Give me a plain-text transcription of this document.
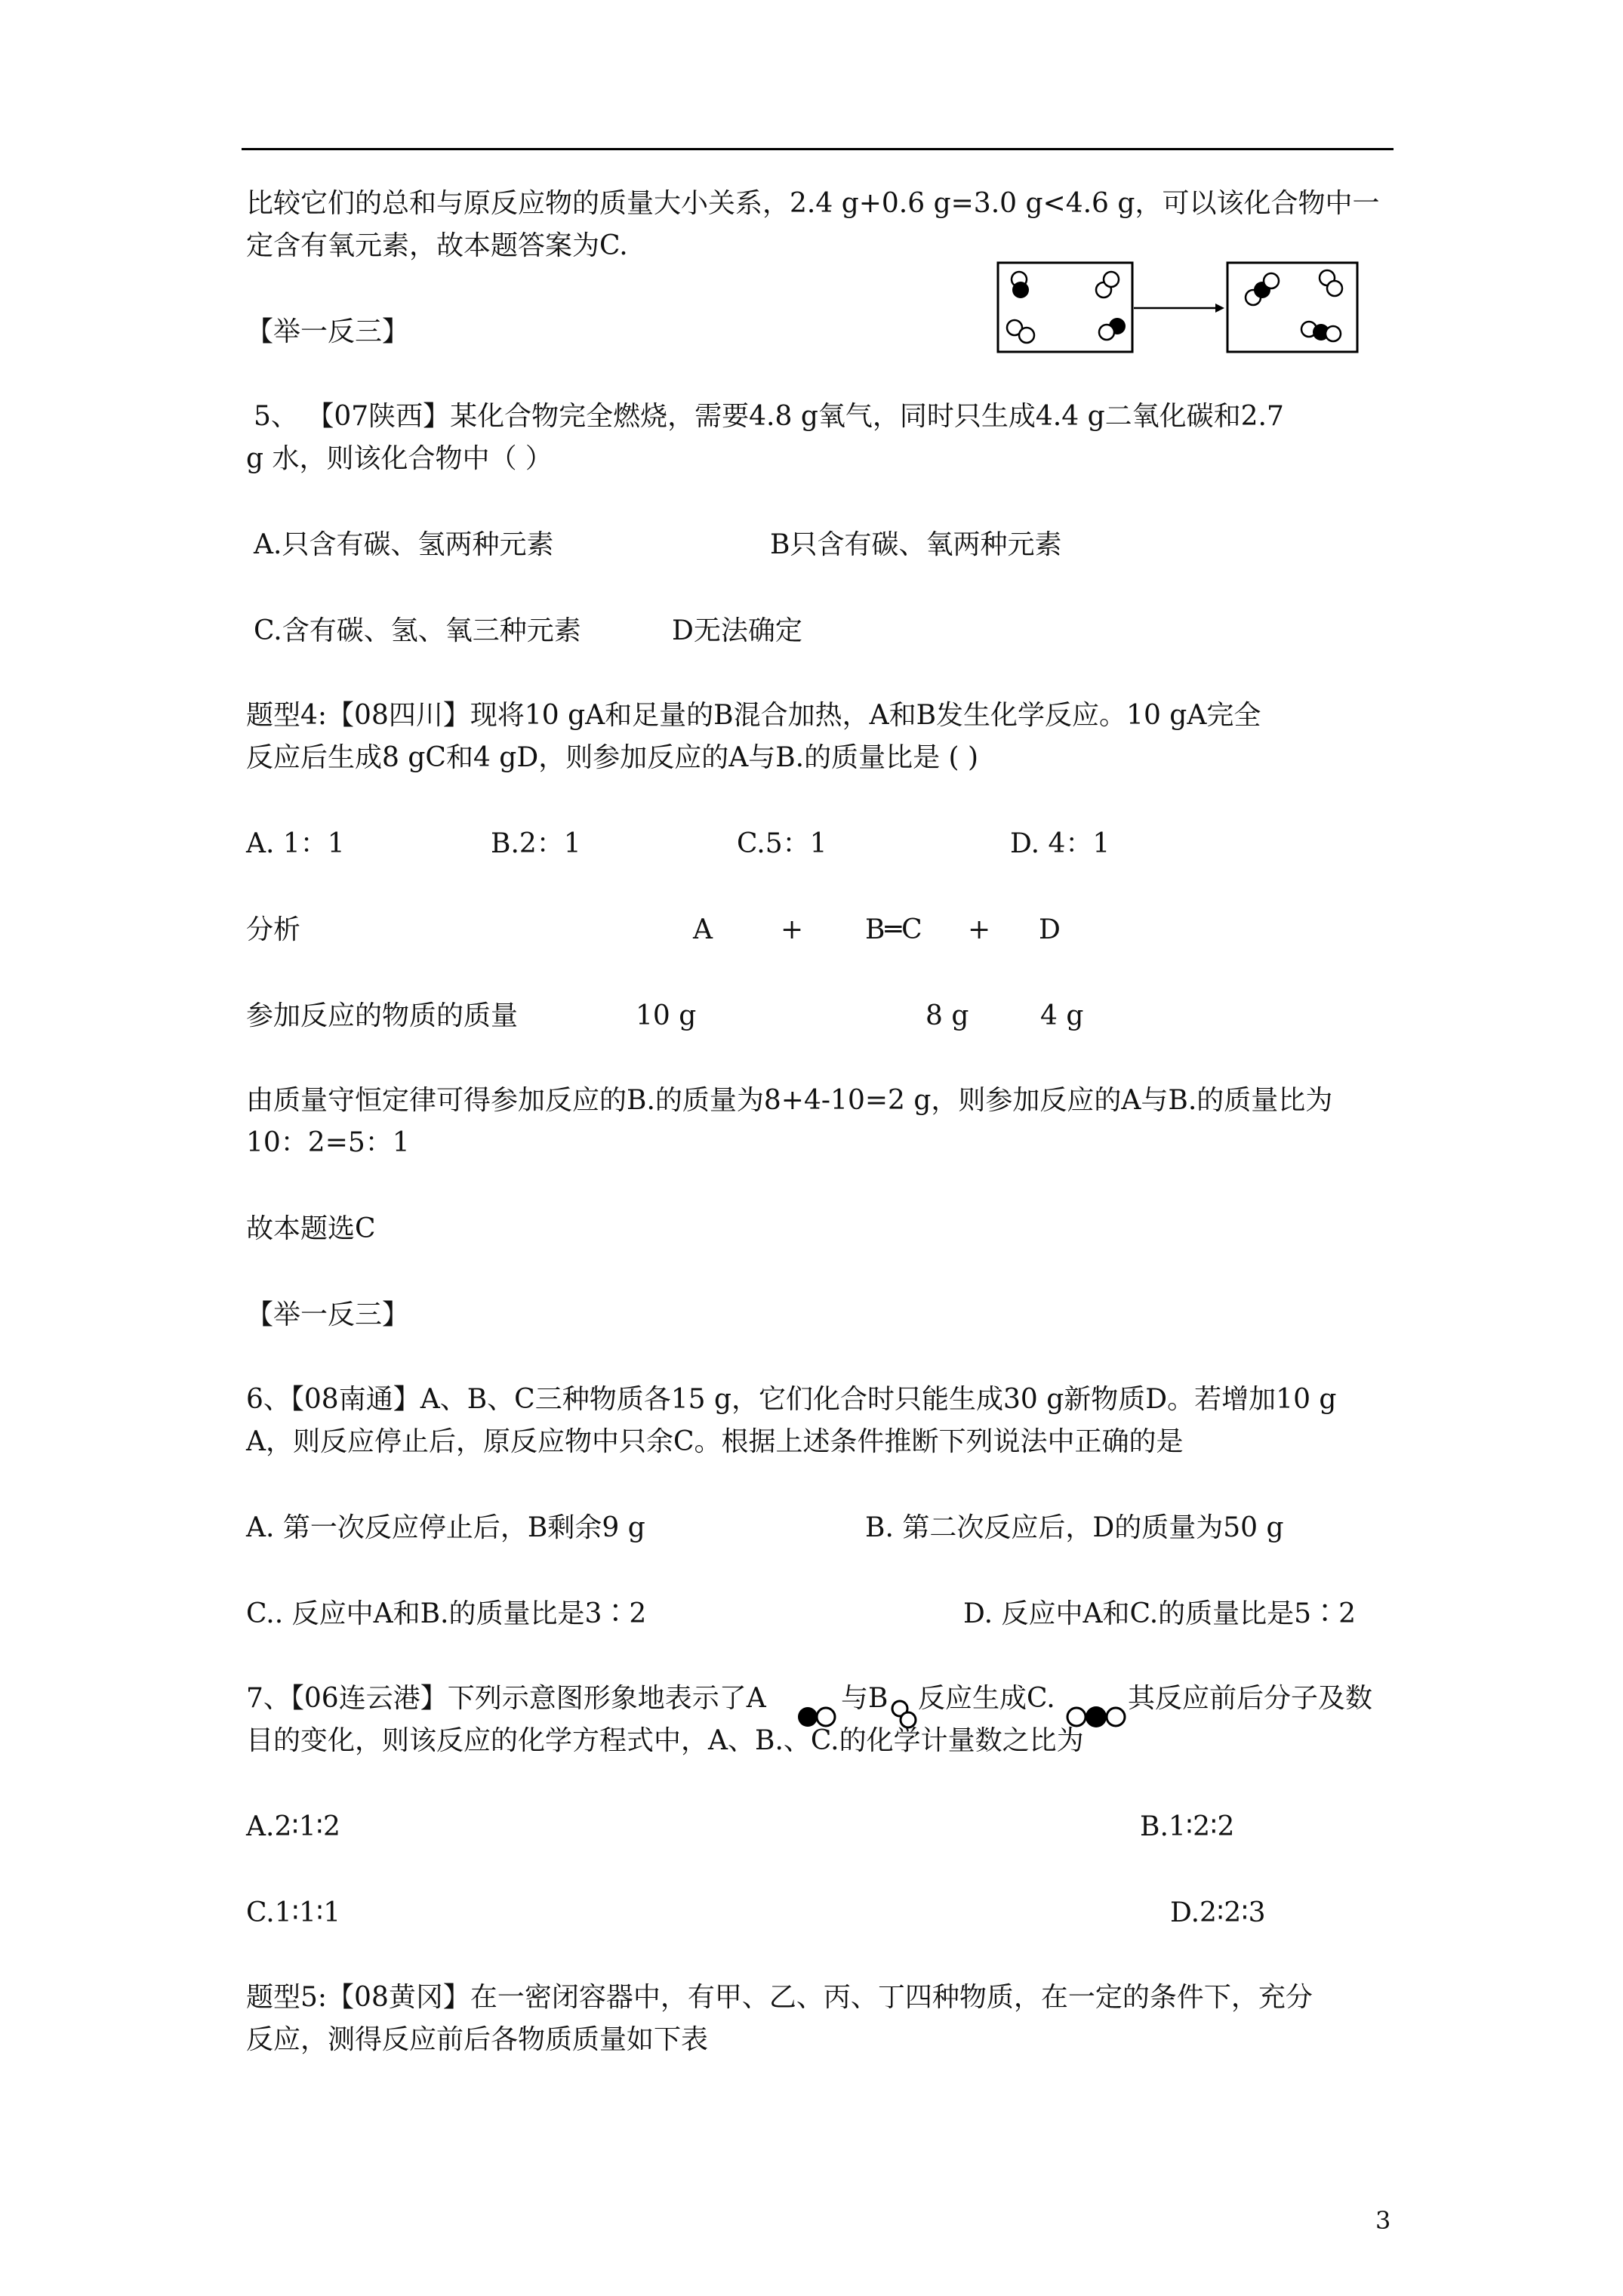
比较它们的总和与原反应物的质量大小关系，2.4 g+0.6 g=3.0 g<4.6 g，可以该化合物中一
定含有氧元素，故本题答案为C.
【举一反三】
5、 【07陕西】某化合物完全燃烧，需要4.8 g氧气，同时只生成4.4 g二氧化碳和2.7
g 水，则该化合物中（ ）
A.只含有碳、氢两种元素	B只含有碳、氧两种元素
C.含有碳、氢、氧三种元素	D无法确定
题型4:【08四川】现将10 gA和足量的B混合加热，A和B发生化学反应。10 gA完全
反应后生成8 gC和4 gD，则参加反应的A与B.的质量比是 ( )
A. 1：1	B.2：1	C.5：1	D. 4：1
分析	A	+ B═C + D
参加反应的物质的质量	10 g	8 g	4 g
由质量守恒定律可得参加反应的B.的质量为8+4-10=2 g，则参加反应的A与B.的质量比为
10：2=5：1
故本题选C
【举一反三】
6、【08南通】A、B、C三种物质各15 g，它们化合时只能生成30 g新物质D。若增加10 g
A，则反应停止后，原反应物中只余C。根据上述条件推断下列说法中正确的是
A. 第一次反应停止后，B剩余9 g	B. 第二次反应后，D的质量为50 g
C.. 反应中A和B.的质量比是3∶2	D. 反应中A和C.的质量比是5∶2
7、【06连云港】下列示意图形象地表示了A	与B 反应生成C.	其反应前后分子及数
目的变化，则该反应的化学方程式中，A、B.、C.的化学计量数之比为
A.2∶1∶2	B.1∶2∶2
C.1∶1∶1	D.2∶2∶3
题型5:【08黄冈】在一密闭容器中，有甲、乙、丙、丁四种物质，在一定的条件下，充分
反应，测得反应前后各物质质量如下表
3
